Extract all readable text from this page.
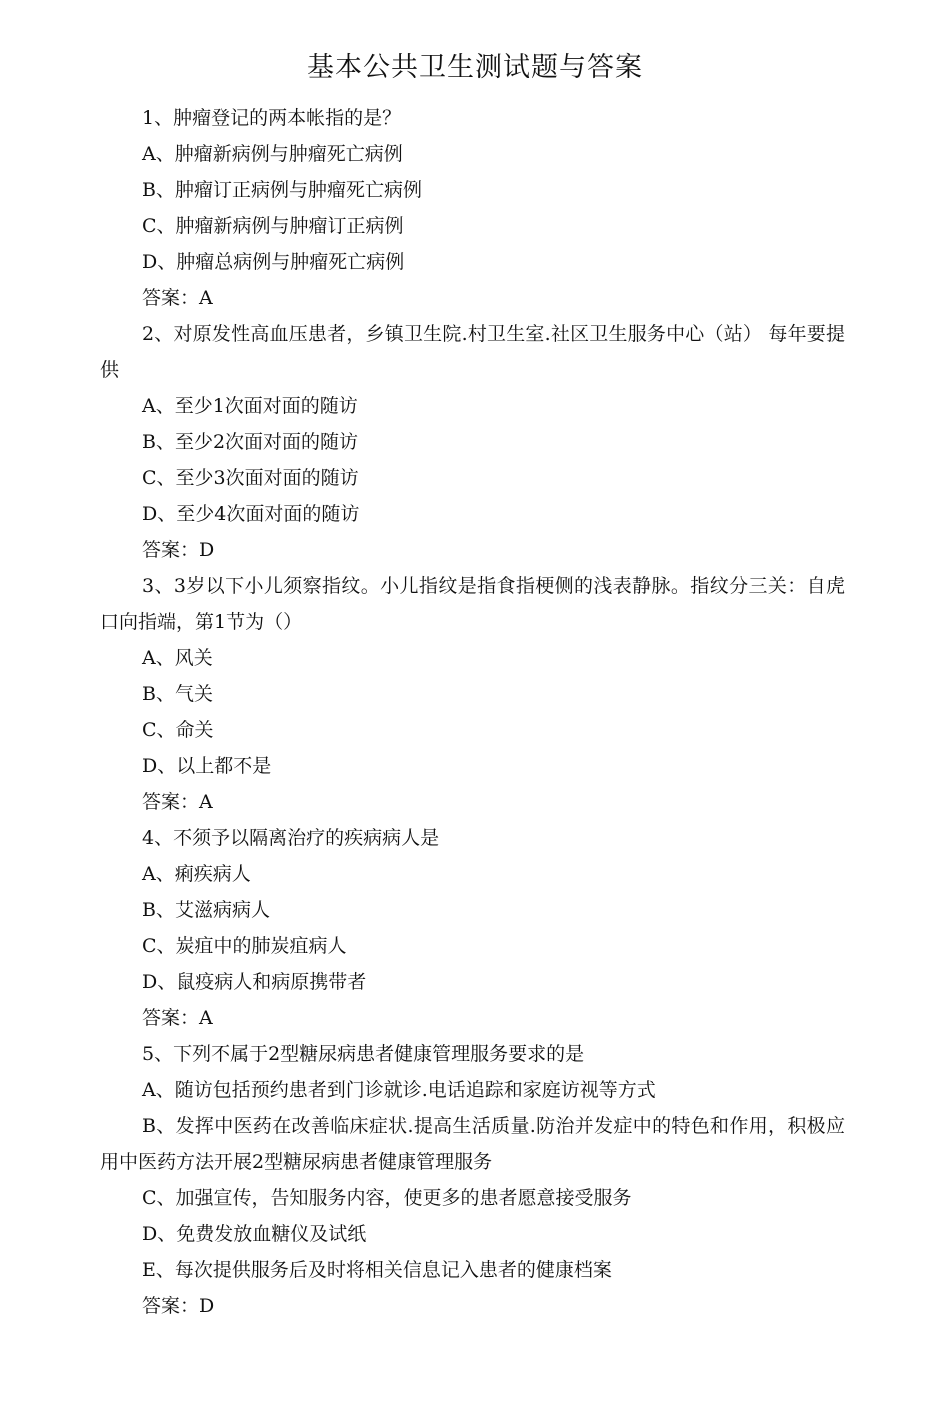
基本公共卫生测试题与答案
1、肿瘤登记的两本帐指的是？
A、肿瘤新病例与肿瘤死亡病例
B、肿瘤订正病例与肿瘤死亡病例
C、肿瘤新病例与肿瘤订正病例
D、肿瘤总病例与肿瘤死亡病例
答案：A
2、对原发性高血压患者，乡镇卫生院.村卫生室.社区卫生服务中心（站） 每年要提供
A、至少1次面对面的随访
B、至少2次面对面的随访
C、至少3次面对面的随访
D、至少4次面对面的随访
答案：D
3、3岁以下小儿须察指纹。小儿指纹是指食指梗侧的浅表静脉。指纹分三关：自虎口向指端，第1节为（）
A、风关
B、气关
C、命关
D、以上都不是
答案：A
4、不须予以隔离治疗的疾病病人是
A、痢疾病人
B、艾滋病病人
C、炭疽中的肺炭疽病人
D、鼠疫病人和病原携带者
答案：A
5、下列不属于2型糖尿病患者健康管理服务要求的是
A、随访包括预约患者到门诊就诊.电话追踪和家庭访视等方式
B、发挥中医药在改善临床症状.提高生活质量.防治并发症中的特色和作用，积极应用中医药方法开展2型糖尿病患者健康管理服务
C、加强宣传，告知服务内容，使更多的患者愿意接受服务
D、免费发放血糖仪及试纸
E、每次提供服务后及时将相关信息记入患者的健康档案
答案：D
